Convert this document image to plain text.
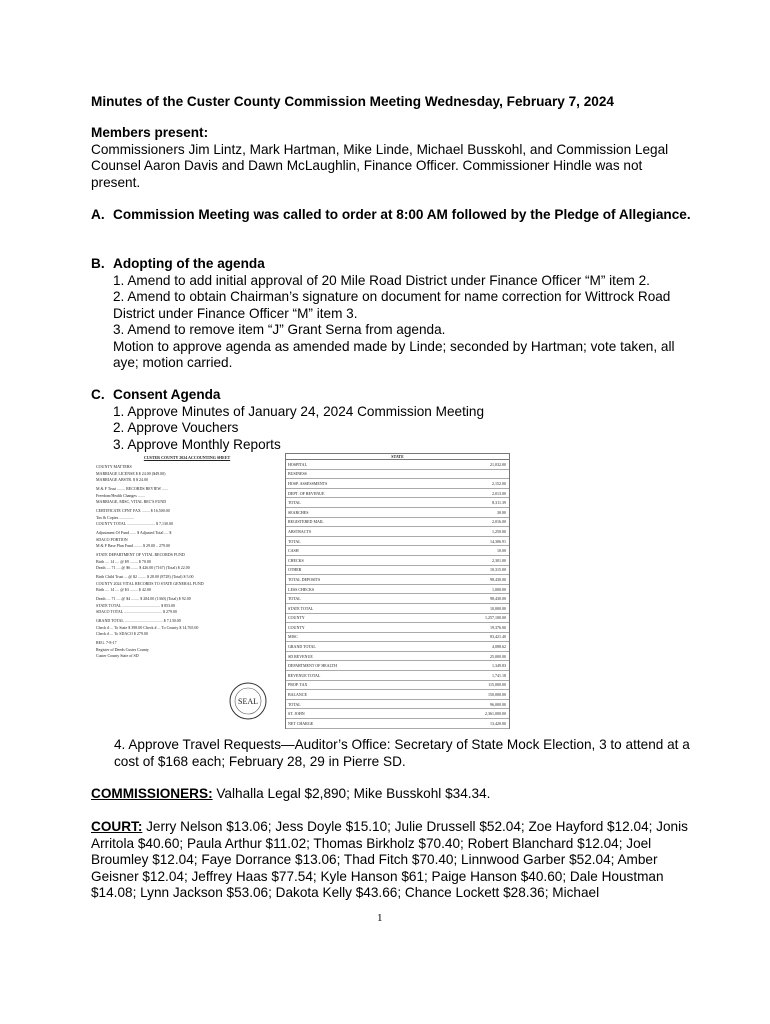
Minutes of the Custer County Commission Meeting Wednesday, February 7, 2024
Members present:
Commissioners Jim Lintz, Mark Hartman, Mike Linde, Michael Busskohl, and Commission Legal Counsel Aaron Davis and Dawn McLaughlin, Finance Officer. Commissioner Hindle was not present.
A. Commission Meeting was called to order at 8:00 AM followed by the Pledge of Allegiance.
B. Adopting of the agenda
1. Amend to add initial approval of 20 Mile Road District under Finance Officer “M” item 2.
2. Amend to obtain Chairman’s signature on document for name correction for Wittrock Road District under Finance Officer “M” item 3.
3. Amend to remove item “J” Grant Serna from agenda.
Motion to approve agenda as amended made by Linde; seconded by Hartman; vote taken, all aye; motion carried.
C. Consent Agenda
1. Approve Minutes of January 24, 2024 Commission Meeting
2. Approve Vouchers
3. Approve Monthly Reports
CUSTER COUNTY 2024 ACCOUNTING SHEET
COUNTY MATTERS
MARRIAGE LICENSE $ $ 24.00 ($49.00)
MARRIAGE ABSTR. $ $ 24.00
M & F Trust ........ RECORDS REVIEW ......
Freedom/Health Changes .......
MARRIAGE, MISC, VITAL REC'S FUND
CERTIFICATE CPNT FAX ........ $ 16,500.00
Tax & Copies ...............
COUNTY TOTAL ............................ $ 7,130.00
Adjustment Of Fund ...... $ Adjusted Total .... $
SDACO PORTION
M & F Base Plan Fund ........ $ 29.00 .. 279.00
STATE DEPARTMENT OF VITAL RECORDS FUND
Birth .... 14 .... @ $9 ........ $ 70.00
Death .... 71 .... @ $6 ....... $ 426.00 (7167) (Total) $ 22.00
Birth Child Trust ... @ $2 ........ $ 28.00 (8728) (Total) $ 5.00
COUNTY 2024 VITAL RECORDS TO STATE GENERAL FUND
Birth .... 14 .... @ $3 ........ $ 42.00
Death .... 71 .... @ $4 ........ $ 284.00 (1360) (Total) $ 92.00
STATE TOTAL ...................................... $ 853.00
SDACO TOTAL ...................................... $ 279.00
GRAND TOTAL ...................................... $ 7,130.00
Check # ... To State $ 398.00 Check # ... To County $ 14,765.00
Check # ... To SDACO $ 279.00
REG. 7-8-17
Register of Deeds Custer County
Custer County State of SD
SEAL
STATE
HOSPITAL	21,032.00
BUSINESS
HOSP. ASSESSMENTS	2,152.00
DEPT. OF REVENUE	2,013.00
TOTAL	8,311.39
SEARCHES	30.00
REGISTERED MAIL	2,016.00
ABSTRACTS	1,250.00
TOTAL	14,306.91
CASH	10.00
CHECKS	2,301.00
OTHER	10,315.00
TOTAL DEPOSITS	98,430.00
LESS CHECKS	1,000.00
TOTAL	98,430.00
STATE TOTAL	10,000.00
COUNTY	1,257,100.00
COUNTY	19,376.00
MISC	83,421.40
GRAND TOTAL	4,088.62
SD REVENUE	25,000.00
DEPARTMENT OF HEALTH	1,349.83
REVENUE TOTAL	1,741.18
PROP. TAX	115,000.00
BALANCE	150,000.00
TOTAL	96,000.00
ST. JOHN	2,361,000.00
NET CHARGE	13,420.00
4. Approve Travel Requests—Auditor’s Office: Secretary of State Mock Election, 3 to attend at a cost of $168 each; February 28, 29 in Pierre SD.
COMMISSIONERS: Valhalla Legal $2,890; Mike Busskohl $34.34.
COURT: Jerry Nelson $13.06; Jess Doyle $15.10; Julie Drussell $52.04; Zoe Hayford $12.04; Jonis Arritola $40.60; Paula Arthur $11.02; Thomas Birkholz $70.40; Robert Blanchard $12.04; Joel Broumley $12.04; Faye Dorrance $13.06; Thad Fitch $70.40; Linnwood Garber $52.04; Amber Geisner $12.04; Jeffrey Haas $77.54; Kyle Hanson $61; Paige Hanson $40.60; Dale Houstman $14.08; Lynn Jackson $53.06; Dakota Kelly $43.66; Chance Lockett $28.36; Michael
1
